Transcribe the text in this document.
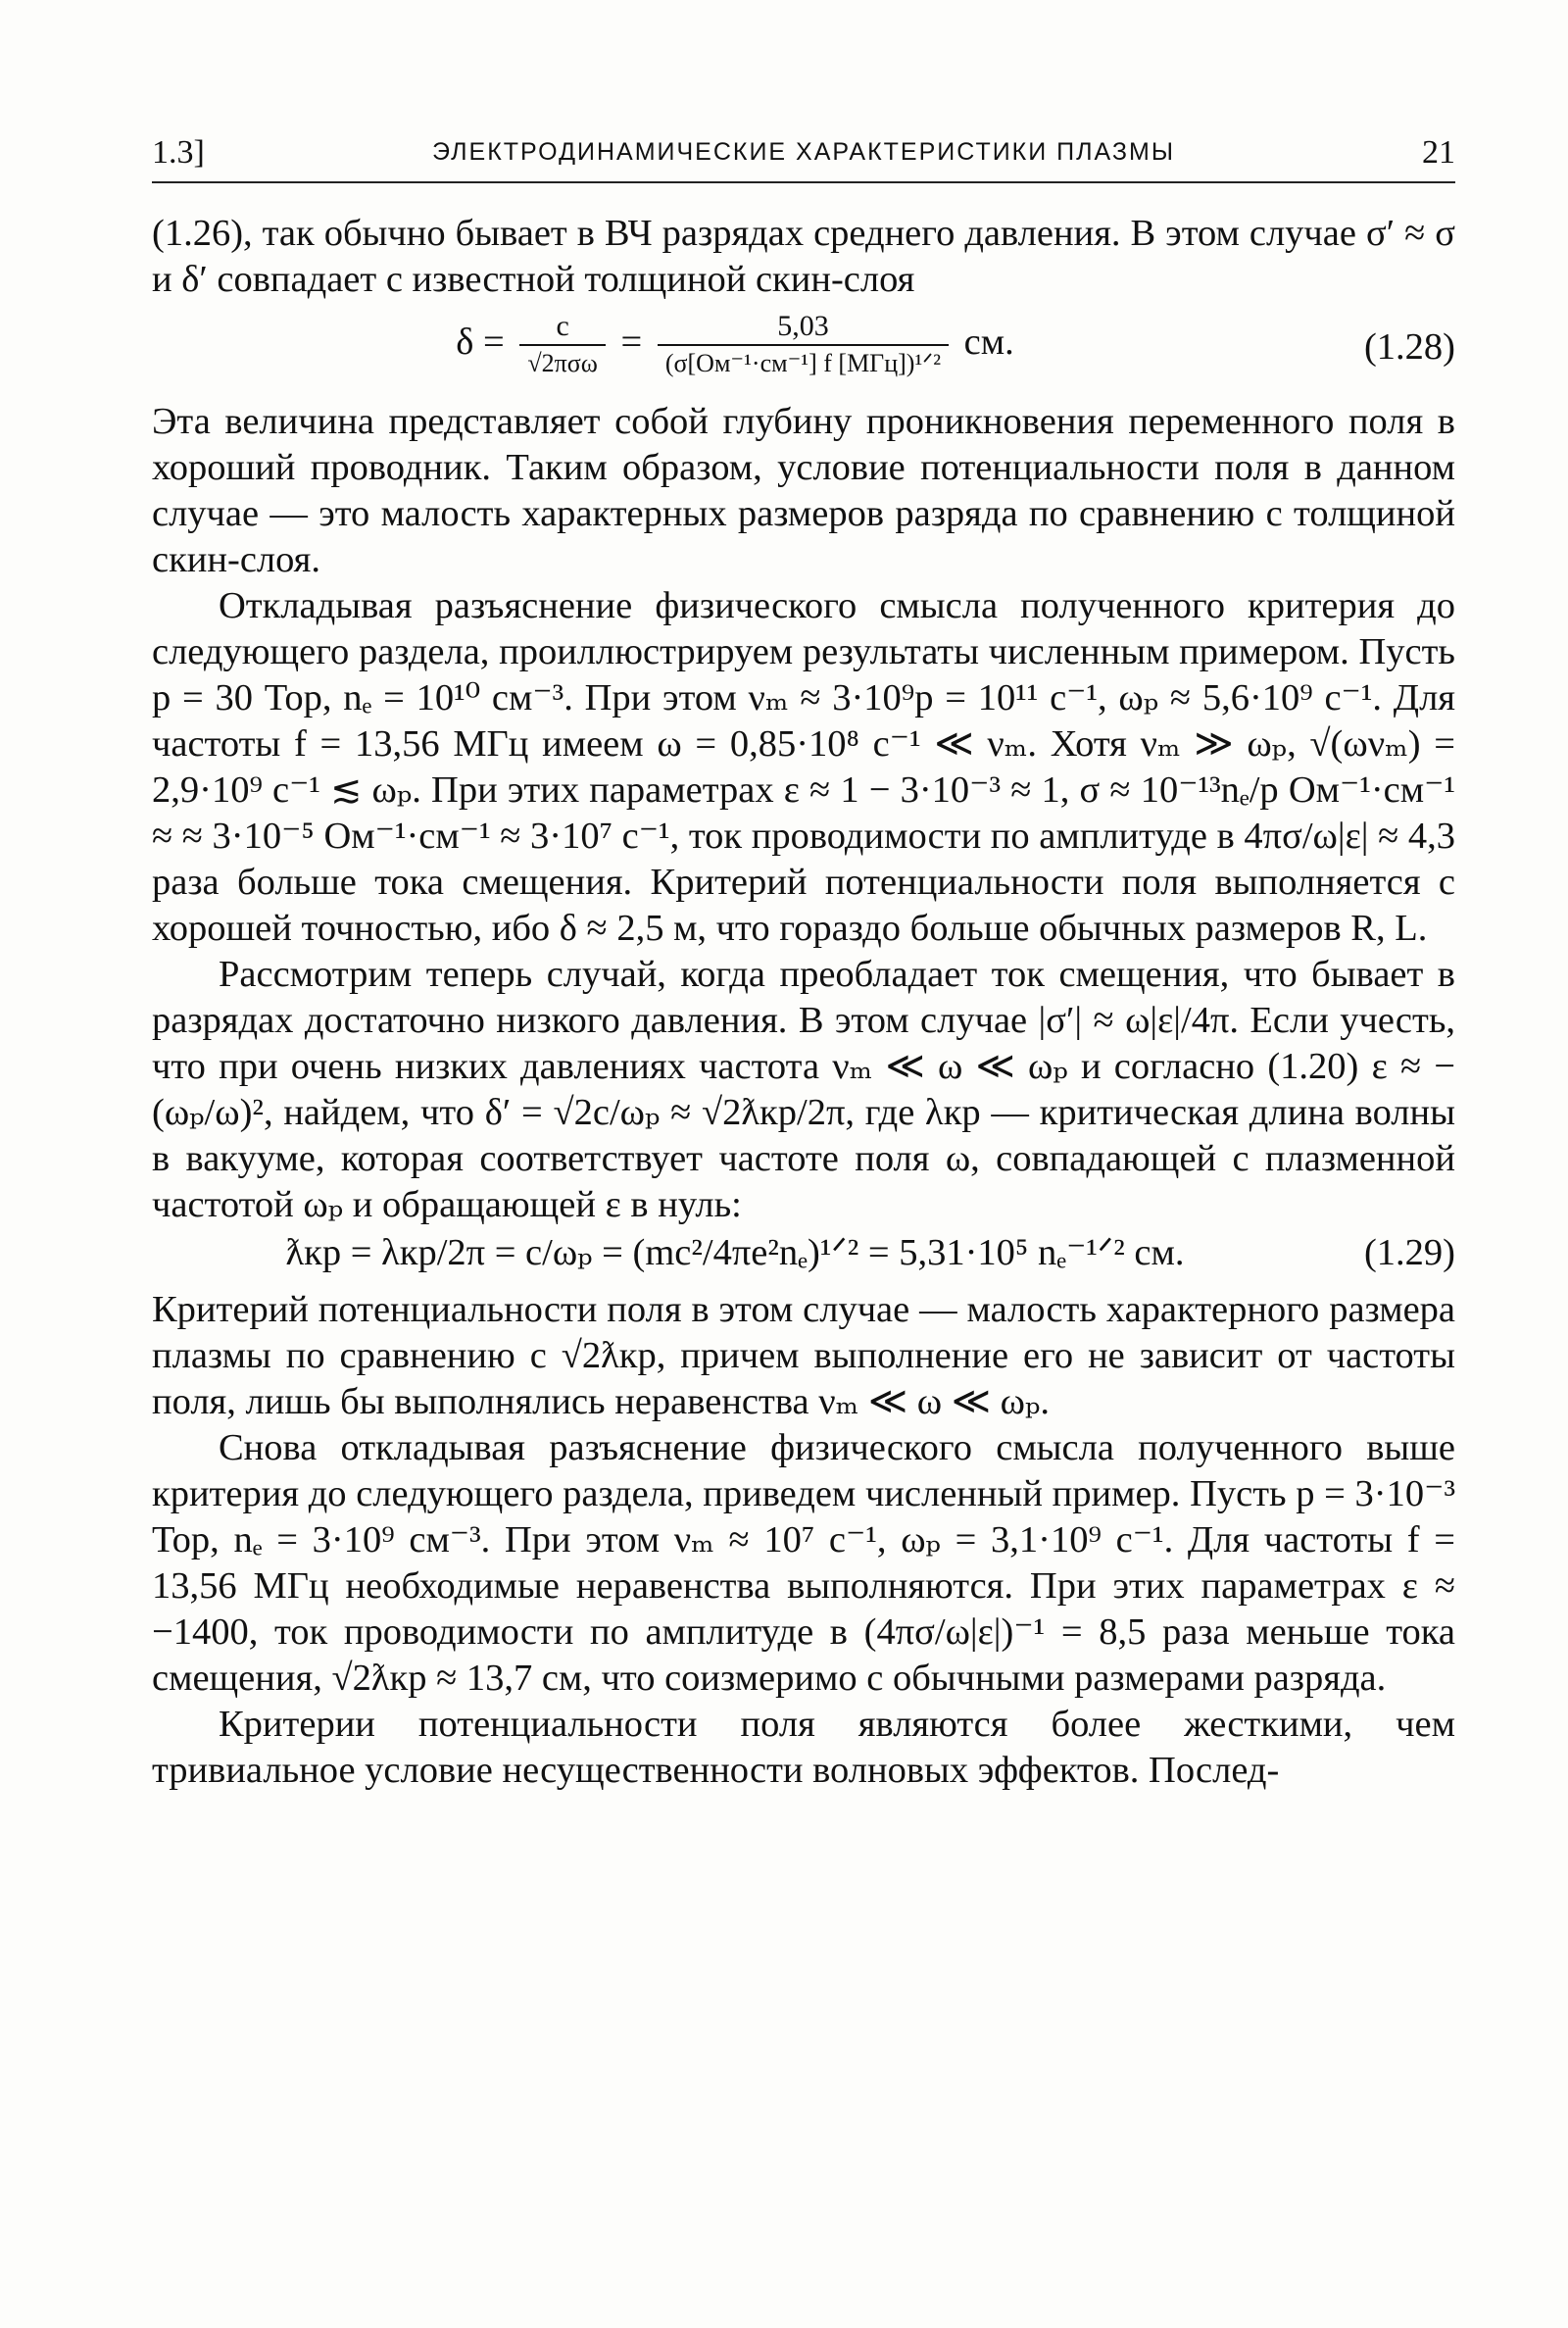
1.3]	ЭЛЕКТРОДИНАМИЧЕСКИЕ ХАРАКТЕРИСТИКИ ПЛАЗМЫ	21

(1.26), так обычно бывает в ВЧ разрядах среднего давления. В этом случае σ′ ≈ σ и δ′ совпадает с известной толщиной скин-слоя

$\delta = \frac{c}{\text{√2πσω}} = \frac{5,03}{\text{(σ[Ом⁻¹·см⁻¹] f [МГц])¹ᐟ²}}$ см.	(1.28)

Эта величина представляет собой глубину проникновения переменного поля в хороший проводник. Таким образом, условие потенциальности поля в данном случае — это малость характерных размеров разряда по сравнению с толщиной скин-слоя.

Откладывая разъяснение физического смысла полученного критерия до следующего раздела, проиллюстрируем результаты численным примером. Пусть p = 30 Тор, nₑ = 10¹⁰ см⁻³. При этом νₘ ≈ 3·10⁹p = 10¹¹ с⁻¹, ωₚ ≈ 5,6·10⁹ с⁻¹. Для частоты f = 13,56 МГц имеем ω = 0,85·10⁸ с⁻¹ ≪ νₘ. Хотя νₘ ≫ ωₚ, √(ωνₘ) = 2,9·10⁹ с⁻¹ ≲ ωₚ. При этих параметрах ε ≈ 1 − 3·10⁻³ ≈ 1, σ ≈ 10⁻¹³nₑ/p Ом⁻¹·см⁻¹ ≈ ≈ 3·10⁻⁵ Ом⁻¹·см⁻¹ ≈ 3·10⁷ с⁻¹, ток проводимости по амплитуде в 4πσ/ω|ε| ≈ 4,3 раза больше тока смещения. Критерий потенциальности поля выполняется с хорошей точностью, ибо δ ≈ 2,5 м, что гораздо больше обычных размеров R, L.

Рассмотрим теперь случай, когда преобладает ток смещения, что бывает в разрядах достаточно низкого давления. В этом случае |σ′| ≈ ω|ε|/4π. Если учесть, что при очень низких давлениях частота νₘ ≪ ω ≪ ωₚ и согласно (1.20) ε ≈ −(ωₚ/ω)², найдем, что δ′ = √2c/ωₚ ≈ √2ƛкр/2π, где λкр — критическая длина волны в вакууме, которая соответствует частоте поля ω, совпадающей с плазменной частотой ωₚ и обращающей ε в нуль:

ƛкр = λкр/2π = c/ωₚ = (mc²/4πe²nₑ)¹ᐟ² = 5,31·10⁵ nₑ⁻¹ᐟ² см.	(1.29)

Критерий потенциальности поля в этом случае — малость характерного размера плазмы по сравнению с √2ƛкр, причем выполнение его не зависит от частоты поля, лишь бы выполнялись неравенства νₘ ≪ ω ≪ ωₚ.

Снова откладывая разъяснение физического смысла полученного выше критерия до следующего раздела, приведем численный пример. Пусть p = 3·10⁻³ Тор, nₑ = 3·10⁹ см⁻³. При этом νₘ ≈ 10⁷ с⁻¹, ωₚ = 3,1·10⁹ с⁻¹. Для частоты f = 13,56 МГц необходимые неравенства выполняются. При этих параметрах ε ≈ −1400, ток проводимости по амплитуде в (4πσ/ω|ε|)⁻¹ = 8,5 раза меньше тока смещения, √2ƛкр ≈ 13,7 см, что соизмеримо с обычными размерами разряда.

Критерии потенциальности поля являются более жесткими, чем тривиальное условие несущественности волновых эффектов. Послед-
